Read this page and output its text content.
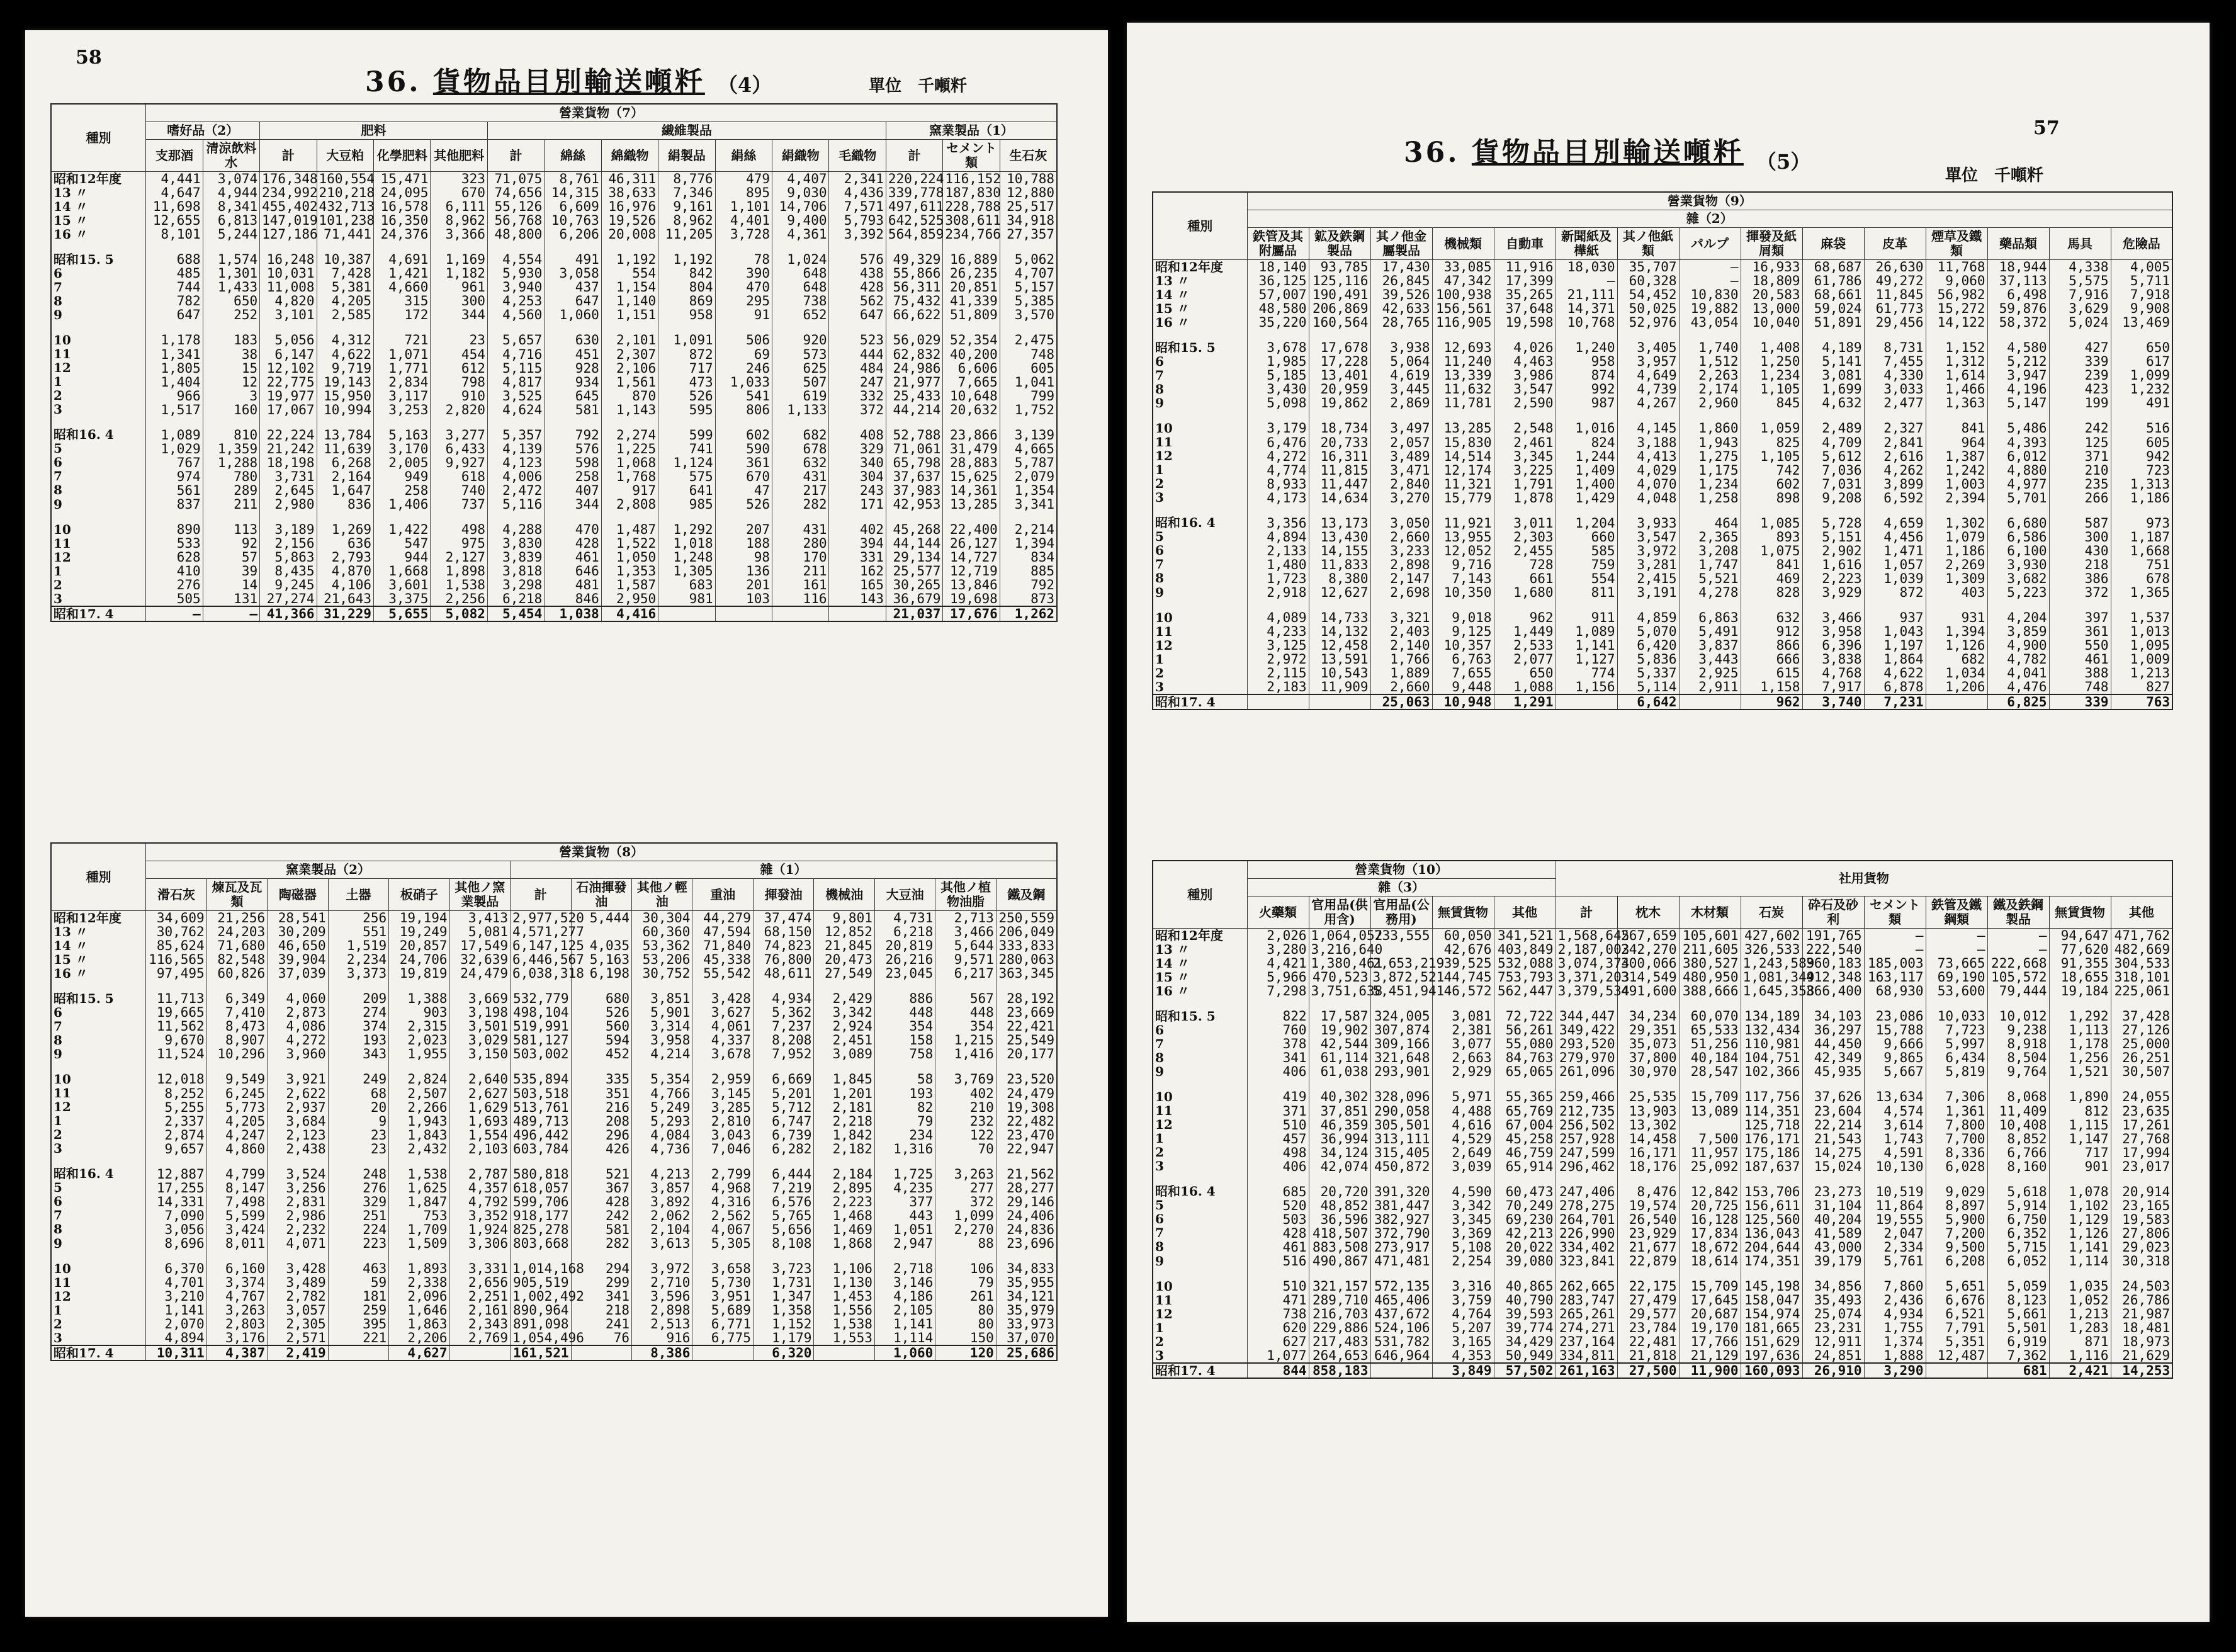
58
36. 貨物品目別輸送噸粁 （4）	單位　千噸粁
種別	營業貨物（7）															
	嗜好品（2）		肥料				繊維製品							窯業製品（1）		
	支那酒	清涼飲料水	計	大豆粕	化學肥料	其他肥料	計	綿絲	綿織物	絹製品	絹絲	絹織物	毛織物	計	セメント類	生石灰
昭和12年度	4,441	3,074	176,348	160,554	15,471	323	71,075	8,761	46,311	8,776	479	4,407	2,341	220,224	116,152	10,788
13 〃	4,647	4,944	234,992	210,218	24,095	670	74,656	14,315	38,633	7,346	895	9,030	4,436	339,778	187,830	12,880
14 〃	11,698	8,341	455,402	432,713	16,578	6,111	55,126	6,609	16,976	9,161	1,101	14,706	7,571	497,611	228,788	25,517
15 〃	12,655	6,813	147,019	101,238	16,350	8,962	56,768	10,763	19,526	8,962	4,401	9,400	5,793	642,525	308,611	34,918
16 〃	8,101	5,244	127,186	71,441	24,376	3,366	48,800	6,206	20,008	11,205	3,728	4,361	3,392	564,859	234,766	27,357

昭和15. 5	688	1,574	16,248	10,387	4,691	1,169	4,554	491	1,192	1,192	78	1,024	576	49,329	16,889	5,062
6	485	1,301	10,031	7,428	1,421	1,182	5,930	3,058	554	842	390	648	438	55,866	26,235	4,707
7	744	1,433	11,008	5,381	4,660	961	3,940	437	1,154	804	470	648	428	56,311	20,851	5,157
8	782	650	4,820	4,205	315	300	4,253	647	1,140	869	295	738	562	75,432	41,339	5,385
9	647	252	3,101	2,585	172	344	4,560	1,060	1,151	958	91	652	647	66,622	51,809	3,570

10	1,178	183	5,056	4,312	721	23	5,657	630	2,101	1,091	506	920	523	56,029	52,354	2,475
11	1,341	38	6,147	4,622	1,071	454	4,716	451	2,307	872	69	573	444	62,832	40,200	748
12	1,805	15	12,102	9,719	1,771	612	5,115	928	2,106	717	246	625	484	24,986	6,606	605
1	1,404	12	22,775	19,143	2,834	798	4,817	934	1,561	473	1,033	507	247	21,977	7,665	1,041
2	966	3	19,977	15,950	3,117	910	3,525	645	870	526	541	619	332	25,433	10,648	799
3	1,517	160	17,067	10,994	3,253	2,820	4,624	581	1,143	595	806	1,133	372	44,214	20,632	1,752

昭和16. 4	1,089	810	22,224	13,784	5,163	3,277	5,357	792	2,274	599	602	682	408	52,788	23,866	3,139
5	1,029	1,359	21,242	11,639	3,170	6,433	4,139	576	1,225	741	590	678	329	71,061	31,479	4,665
6	767	1,288	18,198	6,268	2,005	9,927	4,123	598	1,068	1,124	361	632	340	65,798	28,883	5,787
7	974	780	3,731	2,164	949	618	4,006	258	1,768	575	670	431	304	37,637	15,625	2,079
8	561	289	2,645	1,647	258	740	2,472	407	917	641	47	217	243	37,983	14,361	1,354
9	837	211	2,980	836	1,406	737	5,116	344	2,808	985	526	282	171	42,953	13,285	3,341

10	890	113	3,189	1,269	1,422	498	4,288	470	1,487	1,292	207	431	402	45,268	22,400	2,214
11	533	92	2,156	636	547	975	3,830	428	1,522	1,018	188	280	394	44,144	26,127	1,394
12	628	57	5,863	2,793	944	2,127	3,839	461	1,050	1,248	98	170	331	29,134	14,727	834
1	410	39	8,435	4,870	1,668	1,898	3,818	646	1,353	1,305	136	211	162	25,577	12,719	885
2	276	14	9,245	4,106	3,601	1,538	3,298	481	1,587	683	201	161	165	30,265	13,846	792
3	505	131	27,274	21,643	3,375	2,256	6,218	846	2,950	981	103	116	143	36,679	19,698	873
昭和17. 4	—	—	41,366	31,229	5,655	5,082	5,454	1,038	4,416					21,037	17,676	1,262
種別	營業貨物（8）														
	窯業製品（2）						雜（1）								
	滑石灰	煉瓦及瓦類	陶磁器	土器	板硝子	其他ノ窯業製品	計	石油揮發油	其他ノ輕油	重油	揮發油	機械油	大豆油	其他ノ植物油脂	鐵及鋼
昭和12年度	34,609	21,256	28,541	256	19,194	3,413	2,977,520	5,444	30,304	44,279	37,474	9,801	4,731	2,713	250,559
13 〃	30,762	24,203	30,209	551	19,249	5,081	4,571,277		60,360	47,594	68,150	12,852	6,218	3,466	206,049
14 〃	85,624	71,680	46,650	1,519	20,857	17,549	6,147,125	4,035	53,362	71,840	74,823	21,845	20,819	5,644	333,833
15 〃	116,565	82,548	39,904	2,234	24,706	32,639	6,446,567	5,163	53,206	45,338	76,800	20,473	26,216	9,571	280,063
16 〃	97,495	60,826	37,039	3,373	19,819	24,479	6,038,318	6,198	30,752	55,542	48,611	27,549	23,045	6,217	363,345

昭和15. 5	11,713	6,349	4,060	209	1,388	3,669	532,779	680	3,851	3,428	4,934	2,429	886	567	28,192
6	19,665	7,410	2,873	274	903	3,198	498,104	526	5,901	3,627	5,362	3,342	448	448	23,669
7	11,562	8,473	4,086	374	2,315	3,501	519,991	560	3,314	4,061	7,237	2,924	354	354	22,421
8	9,670	8,907	4,272	193	2,023	3,029	581,127	594	3,958	4,337	8,208	2,451	158	1,215	25,549
9	11,524	10,296	3,960	343	1,955	3,150	503,002	452	4,214	3,678	7,952	3,089	758	1,416	20,177

10	12,018	9,549	3,921	249	2,824	2,640	535,894	335	5,354	2,959	6,669	1,845	58	3,769	23,520
11	8,252	6,245	2,622	68	2,507	2,627	503,518	351	4,766	3,145	5,201	1,201	193	402	24,479
12	5,255	5,773	2,937	20	2,266	1,629	513,761	216	5,249	3,285	5,712	2,181	82	210	19,308
1	2,337	4,205	3,684	9	1,943	1,693	489,713	208	5,293	2,810	6,747	2,218	79	232	22,482
2	2,874	4,247	2,123	23	1,843	1,554	496,442	296	4,084	3,043	6,739	1,842	234	122	23,470
3	9,657	4,860	2,438	23	2,432	2,103	603,784	426	4,736	7,046	6,282	2,182	1,316	70	22,947

昭和16. 4	12,887	4,799	3,524	248	1,538	2,787	580,818	521	4,213	2,799	6,444	2,184	1,725	3,263	21,562
5	17,255	8,147	3,256	276	1,625	4,357	618,057	367	3,857	4,968	7,219	2,895	4,235	277	28,277
6	14,331	7,498	2,831	329	1,847	4,792	599,706	428	3,892	4,316	6,576	2,223	377	372	29,146
7	7,090	5,599	2,986	251	753	3,352	918,177	242	2,062	2,562	5,765	1,468	443	1,099	24,406
8	3,056	3,424	2,232	224	1,709	1,924	825,278	581	2,104	4,067	5,656	1,469	1,051	2,270	24,836
9	8,696	8,011	4,071	223	1,509	3,306	803,668	282	3,613	5,305	8,108	1,868	2,947	88	23,696

10	6,370	6,160	3,428	463	1,893	3,331	1,014,168	294	3,972	3,658	3,723	1,106	2,718	106	34,833
11	4,701	3,374	3,489	59	2,338	2,656	905,519	299	2,710	5,730	1,731	1,130	3,146	79	35,955
12	3,210	4,767	2,782	181	2,096	2,251	1,002,492	341	3,596	3,951	1,347	1,453	4,186	261	34,121
1	1,141	3,263	3,057	259	1,646	2,161	890,964	218	2,898	5,689	1,358	1,556	2,105	80	35,979
2	2,070	2,803	2,305	395	1,863	2,343	891,098	241	2,513	6,771	1,152	1,538	1,141	80	33,973
3	4,894	3,176	2,571	221	2,206	2,769	1,054,496	76	916	6,775	1,179	1,553	1,114	150	37,070
昭和17. 4	10,311	4,387	2,419		4,627		161,521		8,386		6,320		1,060	120	25,686
57
36. 貨物品目別輸送噸粁 （5）
單位　千噸粁
種別	營業貨物（9）														
	雜（2）														
	鉄管及其附屬品	鉱及鉄鋼製品	其ノ他金屬製品	機械類	自動車	新聞紙及樺紙	其ノ他紙類	パルプ	揮發及紙屑類	麻袋	皮革	煙草及鐵類	藥品類	馬具	危險品
昭和12年度	18,140	93,785	17,430	33,085	11,916	18,030	35,707	—	16,933	68,687	26,630	11,768	18,944	4,338	4,005
13 〃	36,125	125,116	26,845	47,342	17,399	—	60,328	—	18,809	61,786	49,272	9,060	37,113	5,575	5,711
14 〃	57,007	190,491	39,526	100,938	35,265	21,111	54,452	10,830	20,583	68,661	11,845	56,982	6,498	7,916	7,918
15 〃	48,580	206,869	42,633	156,561	37,648	14,371	50,025	19,882	13,000	59,024	61,773	15,272	59,876	3,629	9,908
16 〃	35,220	160,564	28,765	116,905	19,598	10,768	52,976	43,054	10,040	51,891	29,456	14,122	58,372	5,024	13,469

昭和15. 5	3,678	17,678	3,938	12,693	4,026	1,240	3,405	1,740	1,408	4,189	8,731	1,152	4,580	427	650
6	1,985	17,228	5,064	11,240	4,463	958	3,957	1,512	1,250	5,141	7,455	1,312	5,212	339	617
7	5,185	13,401	4,619	13,339	3,986	874	4,649	2,263	1,234	3,081	4,330	1,614	3,947	239	1,099
8	3,430	20,959	3,445	11,632	3,547	992	4,739	2,174	1,105	1,699	3,033	1,466	4,196	423	1,232
9	5,098	19,862	2,869	11,781	2,590	987	4,267	2,960	845	4,632	2,477	1,363	5,147	199	491

10	3,179	18,734	3,497	13,285	2,548	1,016	4,145	1,860	1,059	2,489	2,327	841	5,486	242	516
11	6,476	20,733	2,057	15,830	2,461	824	3,188	1,943	825	4,709	2,841	964	4,393	125	605
12	4,272	16,311	3,489	14,514	3,345	1,244	4,413	1,275	1,105	5,612	2,616	1,387	6,012	371	942
1	4,774	11,815	3,471	12,174	3,225	1,409	4,029	1,175	742	7,036	4,262	1,242	4,880	210	723
2	8,933	11,447	2,840	11,321	1,791	1,400	4,070	1,234	602	7,031	3,899	1,003	4,977	235	1,313
3	4,173	14,634	3,270	15,779	1,878	1,429	4,048	1,258	898	9,208	6,592	2,394	5,701	266	1,186

昭和16. 4	3,356	13,173	3,050	11,921	3,011	1,204	3,933	464	1,085	5,728	4,659	1,302	6,680	587	973
5	4,894	13,430	2,660	13,955	2,303	660	3,547	2,365	893	5,151	4,456	1,079	6,586	300	1,187
6	2,133	14,155	3,233	12,052	2,455	585	3,972	3,208	1,075	2,902	1,471	1,186	6,100	430	1,668
7	1,480	11,833	2,898	9,716	728	759	3,281	1,747	841	1,616	1,057	2,269	3,930	218	751
8	1,723	8,380	2,147	7,143	661	554	2,415	5,521	469	2,223	1,039	1,309	3,682	386	678
9	2,918	12,627	2,698	10,350	1,680	811	3,191	4,278	828	3,929	872	403	5,223	372	1,365

10	4,089	14,733	3,321	9,018	962	911	4,859	6,863	632	3,466	937	931	4,204	397	1,537
11	4,233	14,132	2,403	9,125	1,449	1,089	5,070	5,491	912	3,958	1,043	1,394	3,859	361	1,013
12	3,125	12,458	2,140	10,357	2,533	1,141	6,420	3,837	866	6,396	1,197	1,126	4,900	550	1,095
1	2,972	13,591	1,766	6,763	2,077	1,127	5,836	3,443	666	3,838	1,864	682	4,782	461	1,009
2	2,115	10,543	1,889	7,655	650	774	5,337	2,925	615	4,768	4,622	1,034	4,041	388	1,213
3	2,183	11,909	2,660	9,448	1,088	1,156	5,114	2,911	1,158	7,917	6,878	1,206	4,476	748	827
昭和17. 4			25,063	10,948	1,291		6,642		962	3,740	7,231		6,825	339	763
種別	營業貨物（10）					社用貨物									
	雜（3）														
	火藥類	官用品(供用含)	官用品(公務用)	無賃貨物	其他	計	枕木	木材類	石炭	砕石及砂利	セメント類	鉄管及鐵鋼類	鐵及鉄鋼製品	無賃貨物	其他
昭和12年度	2,026	1,064,052	733,555	60,050	341,521	1,568,645	267,659	105,601	427,602	191,765	—	—	—	94,647	471,762
13 〃	3,280	3,216,640		42,676	403,849	2,187,003	242,270	211,605	326,533	222,540	—	—	—	77,620	482,669
14 〃	4,421	1,380,461	2,653,219	39,525	532,088	3,074,374	300,066	380,527	1,243,589	360,183	185,003	73,665	222,668	91,355	304,533
15 〃	5,966	470,523	3,872,521	44,745	753,793	3,371,203	314,549	480,950	1,081,349	412,348	163,117	69,190	105,572	18,655	318,101
16 〃	7,298	3,751,638	5,451,941	46,572	562,447	3,379,534	491,600	388,666	1,645,358	366,400	68,930	53,600	79,444	19,184	225,061

昭和15. 5	822	17,587	324,005	3,081	72,722	344,447	34,234	60,070	134,189	34,103	23,086	10,033	10,012	1,292	37,428
6	760	19,902	307,874	2,381	56,261	349,422	29,351	65,533	132,434	36,297	15,788	7,723	9,238	1,113	27,126
7	378	42,544	309,166	3,077	55,080	293,520	35,073	51,256	110,981	44,450	9,666	5,997	8,918	1,178	25,000
8	341	61,114	321,648	2,663	84,763	279,970	37,800	40,184	104,751	42,349	9,865	6,434	8,504	1,256	26,251
9	406	61,038	293,901	2,929	65,065	261,096	30,970	28,547	102,366	45,935	5,667	5,819	9,764	1,521	30,507

10	419	40,302	328,096	5,971	55,365	259,466	25,535	15,709	117,756	37,626	13,634	7,306	8,068	1,890	24,055
11	371	37,851	290,058	4,488	65,769	212,735	13,903	13,089	114,351	23,604	4,574	1,361	11,409	812	23,635
12	510	46,359	305,501	4,616	67,004	256,502	13,302		125,718	22,214	3,614	7,800	10,408	1,115	17,261
1	457	36,994	313,111	4,529	45,258	257,928	14,458	7,500	176,171	21,543	1,743	7,700	8,852	1,147	27,768
2	498	34,124	315,405	2,649	46,759	247,599	16,171	11,957	175,186	14,275	4,591	8,336	6,766	717	17,994
3	406	42,074	450,872	3,039	65,914	296,462	18,176	25,092	187,637	15,024	10,130	6,028	8,160	901	23,017

昭和16. 4	685	20,720	391,320	4,590	60,473	247,406	8,476	12,842	153,706	23,273	10,519	9,029	5,618	1,078	20,914
5	520	48,852	381,447	3,342	70,249	278,275	19,574	20,725	156,611	31,104	11,864	8,897	5,914	1,102	23,165
6	503	36,596	382,927	3,345	69,230	264,701	26,540	16,128	125,560	40,204	19,555	5,900	6,750	1,129	19,583
7	428	418,507	372,790	3,369	42,213	226,990	23,929	17,834	136,043	41,589	2,047	7,200	6,352	1,126	27,806
8	461	883,508	273,917	5,108	20,022	334,402	21,677	18,672	204,644	43,000	2,334	9,500	5,715	1,141	29,023
9	516	490,867	471,481	2,254	39,080	323,841	22,879	18,614	174,351	39,179	5,761	6,208	6,052	1,114	30,318

10	510	321,157	572,135	3,316	40,865	262,665	22,175	15,709	145,198	34,856	7,860	5,651	5,059	1,035	24,503
11	471	289,710	465,406	3,759	40,790	283,747	27,479	17,645	158,047	35,493	2,436	6,676	8,123	1,052	26,786
12	738	216,703	437,672	4,764	39,593	265,261	29,577	20,687	154,974	25,074	4,934	6,521	5,661	1,213	21,987
1	620	229,886	524,106	5,207	39,774	274,271	23,784	19,170	181,665	23,231	1,755	7,791	5,501	1,283	18,481
2	627	217,483	531,782	3,165	34,429	237,164	22,481	17,766	151,629	12,911	1,374	5,351	6,919	871	18,973
3	1,077	264,653	646,964	4,353	50,949	334,811	21,818	21,129	197,636	24,851	1,888	12,487	7,362	1,116	21,629
昭和17. 4	844	858,183		3,849	57,502	261,163	27,500	11,900	160,093	26,910	3,290		681	2,421	14,253
